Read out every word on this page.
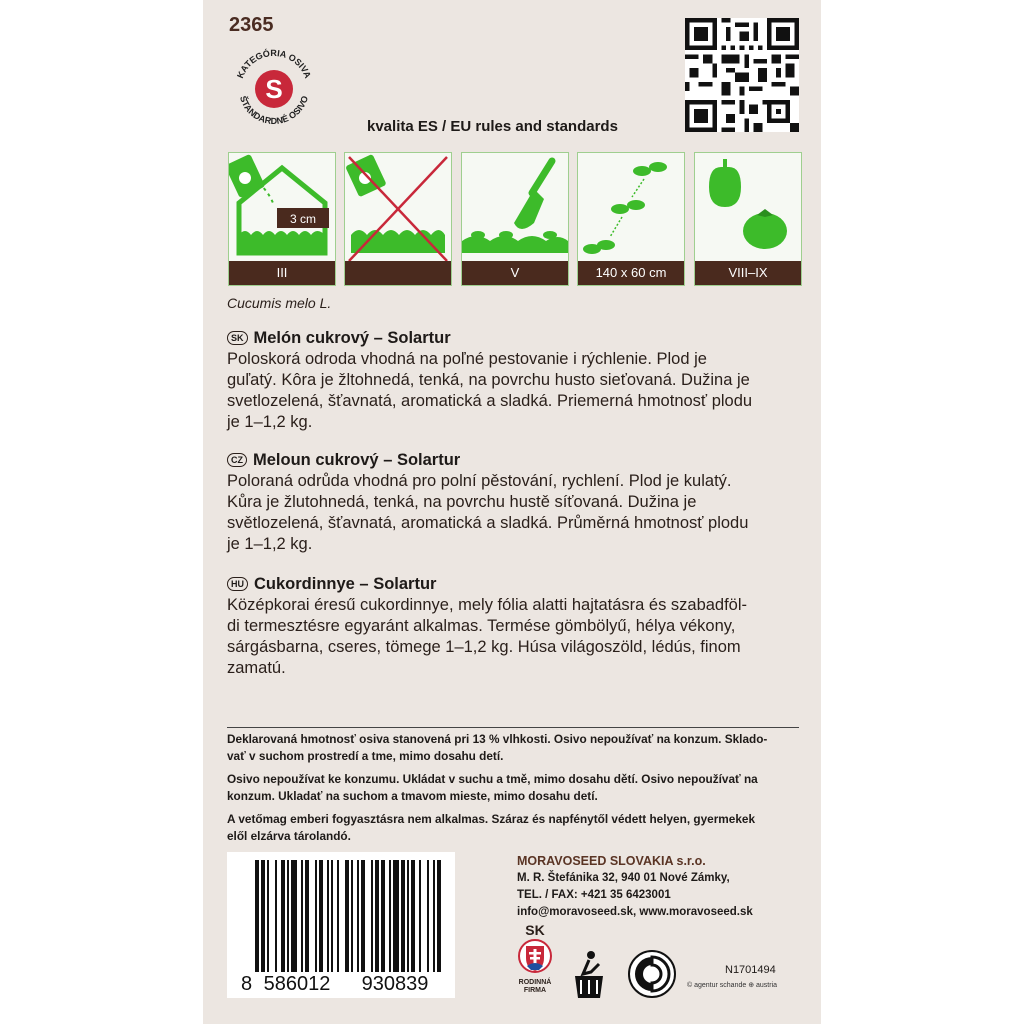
2365
KATEGÓRIA OSIVA
ŠTANDARDNÉ OSIVO
S
kvalita ES / EU rules and standards
3 cm
III	V	140 x 60 cm	VIII–IX
Cucumis melo L.
SK Melón cukrový – Solartur
Poloskorá odroda vhodná na poľné pestovanie i rýchlenie. Plod je
guľatý. Kôra je žltohnedá, tenká, na povrchu husto sieťovaná. Dužina je
svetlozelená, šťavnatá, aromatická a sladká. Priemerná hmotnosť plodu
je 1–1,2 kg.
CZ Meloun cukrový – Solartur
Poloraná odrůda vhodná pro polní pěstování, rychlení. Plod je kulatý.
Kůra je žlutohnedá, tenká, na povrchu hustě síťovaná. Dužina je
světlozelená, šťavnatá, aromatická a sladká. Průměrná hmotnosť plodu
je 1–1,2 kg.
HU Cukordinnye – Solartur
Középkorai éresű cukordinnye, mely fólia alatti hajtatásra és szabadföl-
di termesztésre egyaránt alkalmas. Termése gömbölyű, hélya vékony,
sárgásbarna, cseres, tömege 1–1,2 kg. Húsa világoszöld, lédús, finom
zamatú.
Deklarovaná hmotnosť osiva stanovená pri 13 % vlhkosti. Osivo nepoužívať na konzum. Sklado-
vať v suchom prostredí a tme, mimo dosahu detí.
Osivo nepoužívat ke konzumu. Ukládat v suchu a tmě, mimo dosahu dětí. Osivo nepoužívať na
konzum. Ukladať na suchom a tmavom mieste, mimo dosahu detí.
A vetőmag emberi fogyasztásra nem alkalmas. Száraz és napfénytől védett helyen, gyermekek
elől elzárva tárolandó.
8 586012 930839
MORAVOSEED SLOVAKIA s.r.o.
M. R. Štefánika 32, 940 01 Nové Zámky,
TEL. / FAX: +421 35 6423001
info@moravoseed.sk, www.moravoseed.sk
SK
RODINNÁ
FIRMA
N1701494
© agentur schande ⊕ austria
